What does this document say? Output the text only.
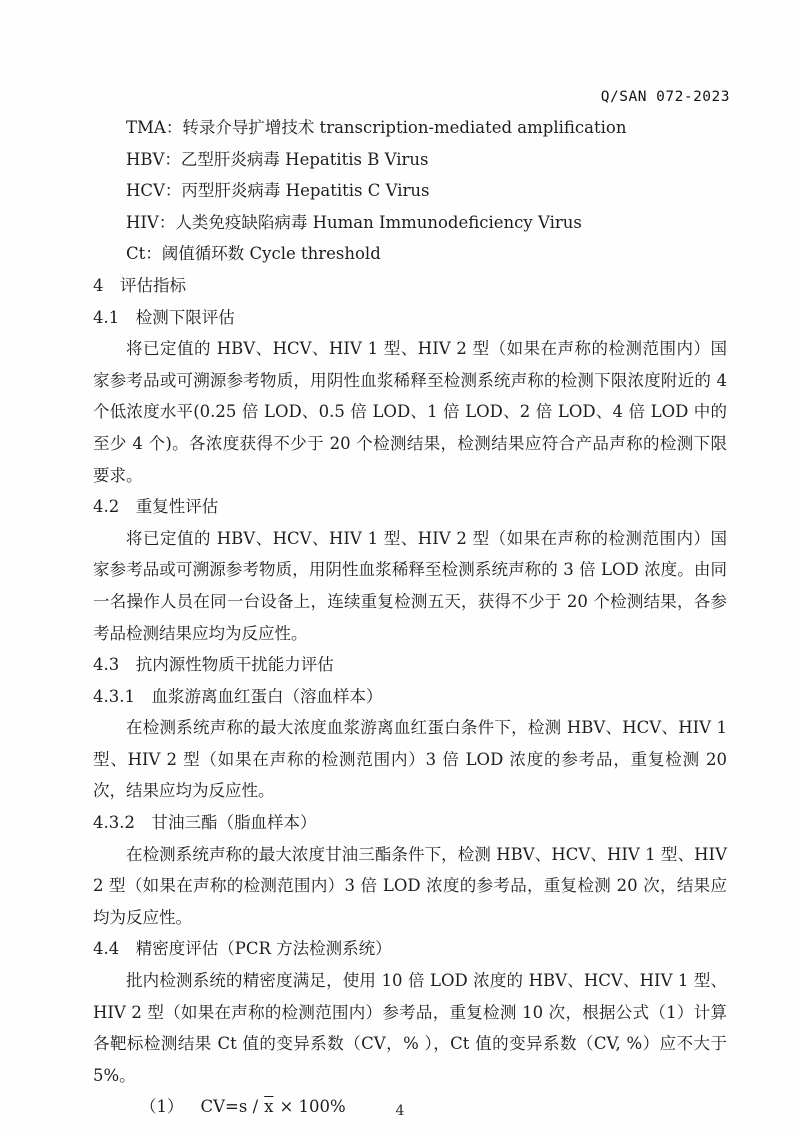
Q/SAN 072-2023
TMA：转录介导扩增技术 transcription-mediated amplification
HBV：乙型肝炎病毒 Hepatitis B Virus
HCV：丙型肝炎病毒 Hepatitis C Virus
HIV：人类免疫缺陷病毒 Human Immunodeficiency Virus
Ct：阈值循环数 Cycle threshold
4　评估指标
4.1　检测下限评估
将已定值的 HBV、HCV、HIV 1 型、HIV 2 型（如果在声称的检测范围内）国家参考品或可溯源参考物质，用阴性血浆稀释至检测系统声称的检测下限浓度附近的 4 个低浓度水平(0.25 倍 LOD、0.5 倍 LOD、1 倍 LOD、2 倍 LOD、4 倍 LOD 中的至少 4 个)。各浓度获得不少于 20 个检测结果，检测结果应符合产品声称的检测下限要求。
4.2　重复性评估
将已定值的 HBV、HCV、HIV 1 型、HIV 2 型（如果在声称的检测范围内）国家参考品或可溯源参考物质，用阴性血浆稀释至检测系统声称的 3 倍 LOD 浓度。由同一名操作人员在同一台设备上，连续重复检测五天，获得不少于 20 个检测结果，各参考品检测结果应均为反应性。
4.3　抗内源性物质干扰能力评估
4.3.1　血浆游离血红蛋白（溶血样本）
在检测系统声称的最大浓度血浆游离血红蛋白条件下，检测 HBV、HCV、HIV 1 型、HIV 2 型（如果在声称的检测范围内）3 倍 LOD 浓度的参考品，重复检测 20 次，结果应均为反应性。
4.3.2　甘油三酯（脂血样本）
在检测系统声称的最大浓度甘油三酯条件下，检测 HBV、HCV、HIV 1 型、HIV 2 型（如果在声称的检测范围内）3 倍 LOD 浓度的参考品，重复检测 20 次，结果应均为反应性。
4.4　精密度评估（PCR 方法检测系统）
批内检测系统的精密度满足，使用 10 倍 LOD 浓度的 HBV、HCV、HIV 1 型、HIV 2 型（如果在声称的检测范围内）参考品，重复检测 10 次，根据公式（1）计算各靶标检测结果 Ct 值的变异系数（CV，% ），Ct 值的变异系数（CV, %）应不大于 5%。
（1） $CV=s / \overline{x} \times 100\%$	4
